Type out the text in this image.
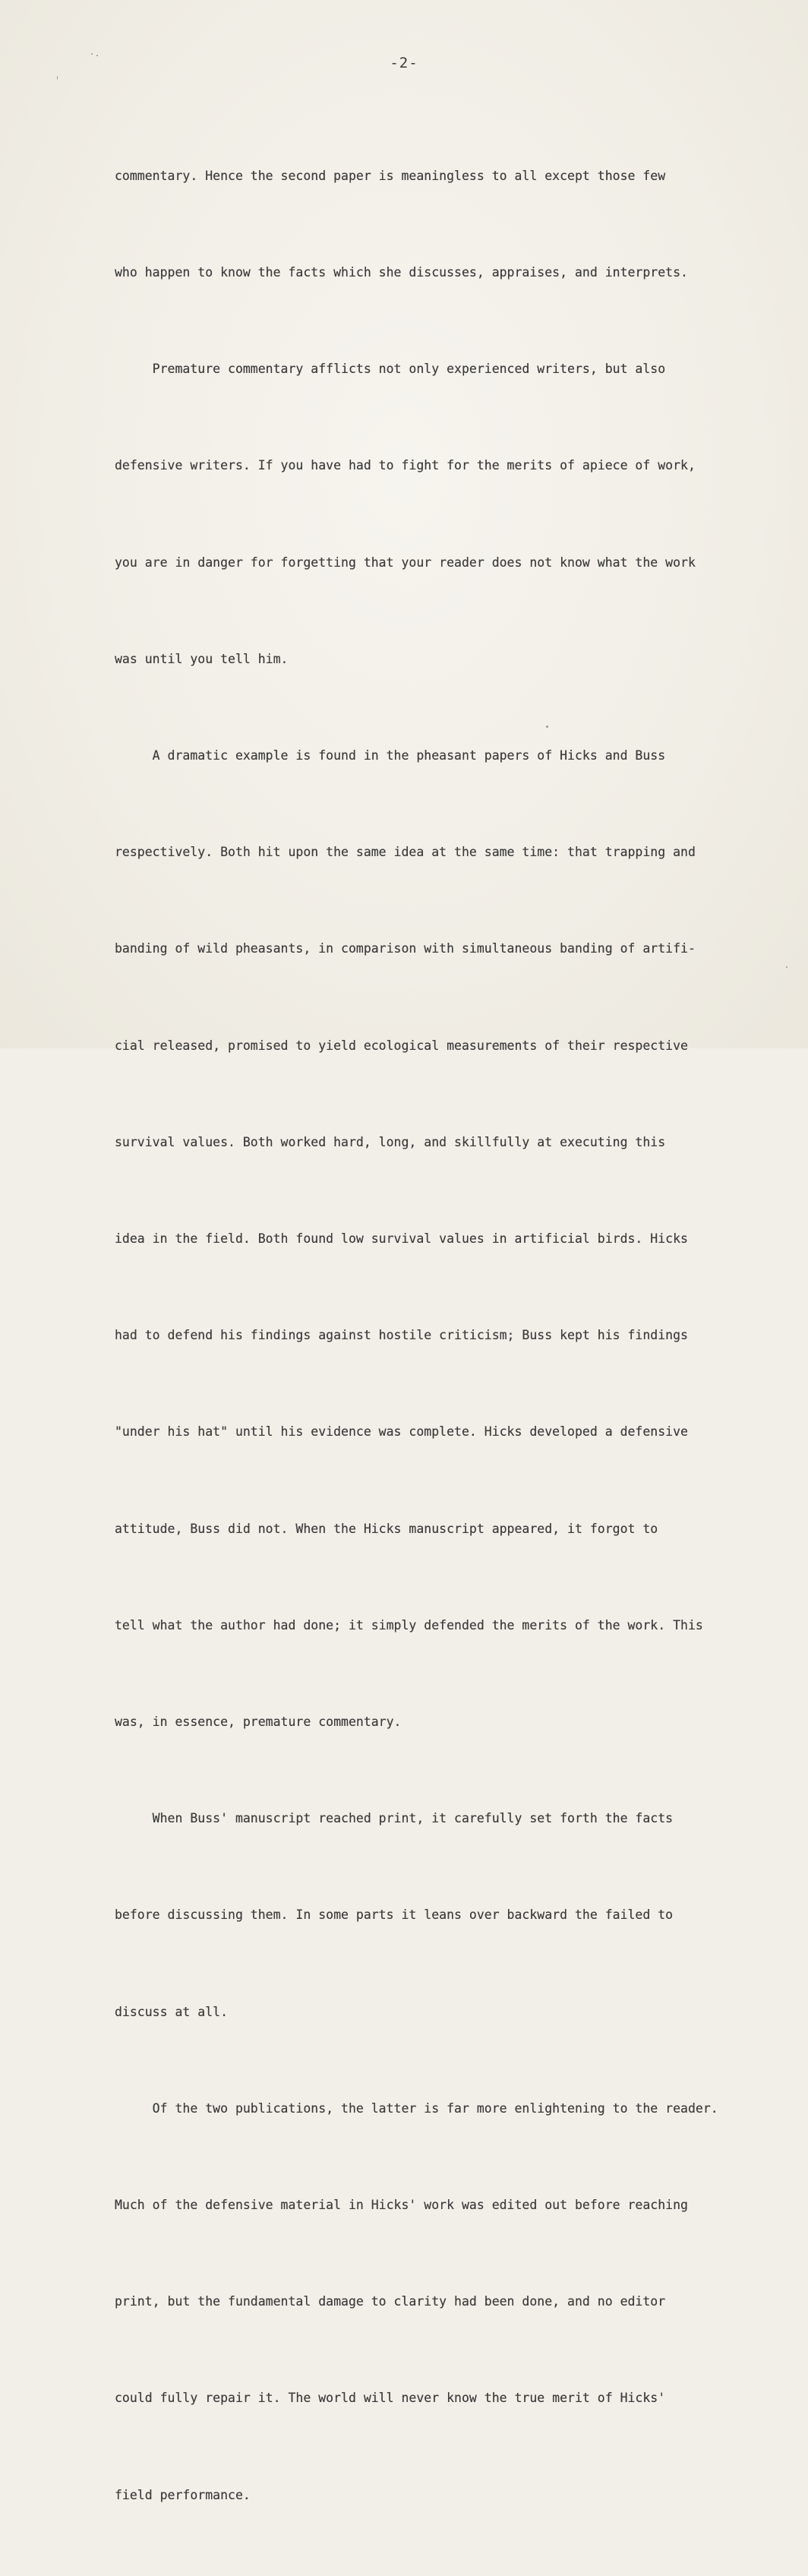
-2-

commentary. Hence the second paper is meaningless to all except those few

who happen to know the facts which she discusses, appraises, and interprets.

Premature commentary afflicts not only experienced writers, but also

defensive writers. If you have had to fight for the merits of apiece of work,

you are in danger for forgetting that your reader does not know what the work

was until you tell him.

A dramatic example is found in the pheasant papers of Hicks and Buss

respectively. Both hit upon the same idea at the same time: that trapping and

banding of wild pheasants, in comparison with simultaneous banding of artifi-

cial released, promised to yield ecological measurements of their respective

survival values. Both worked hard, long, and skillfully at executing this

idea in the field. Both found low survival values in artificial birds. Hicks

had to defend his findings against hostile criticism; Buss kept his findings

"under his hat" until his evidence was complete. Hicks developed a defensive

attitude, Buss did not. When the Hicks manuscript appeared, it forgot to

tell what the author had done; it simply defended the merits of the work. This

was, in essence, premature commentary.

When Buss' manuscript reached print, it carefully set forth the facts

before discussing them. In some parts it leans over backward the failed to

discuss at all.

Of the two publications, the latter is far more enlightening to the reader.

Much of the defensive material in Hicks' work was edited out before reaching

print, but the fundamental damage to clarity had been done, and no editor

could fully repair it. The world will never know the true merit of Hicks'

field performance.
